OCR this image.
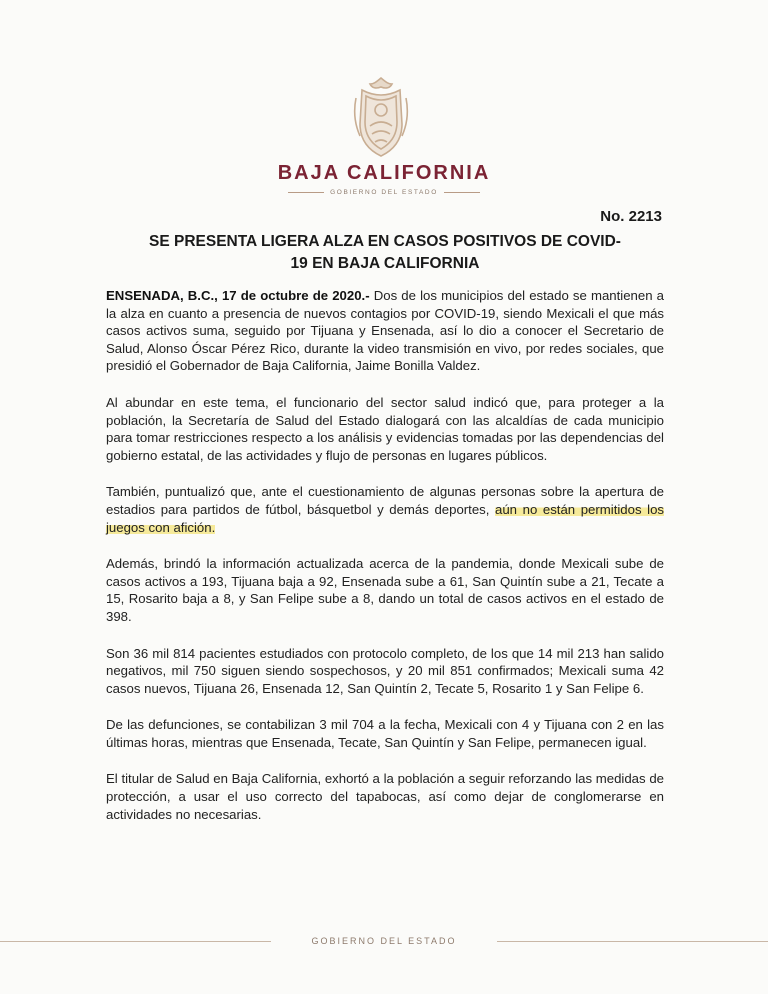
BAJA CALIFORNIA
GOBIERNO DEL ESTADO
No. 2213
SE PRESENTA LIGERA ALZA EN CASOS POSITIVOS DE COVID-
19 EN BAJA CALIFORNIA

ENSENADA, B.C., 17 de octubre de 2020.- Dos de los municipios del estado se mantienen a la alza en cuanto a presencia de nuevos contagios por COVID-19, siendo Mexicali el que más casos activos suma, seguido por Tijuana y Ensenada, así lo dio a conocer el Secretario de Salud, Alonso Óscar Pérez Rico, durante la video transmisión en vivo, por redes sociales, que presidió el Gobernador de Baja California, Jaime Bonilla Valdez.

Al abundar en este tema, el funcionario del sector salud indicó que, para proteger a la población, la Secretaría de Salud del Estado dialogará con las alcaldías de cada municipio para tomar restricciones respecto a los análisis y evidencias tomadas por las dependencias del gobierno estatal, de las actividades y flujo de personas en lugares públicos.

También, puntualizó que, ante el cuestionamiento de algunas personas sobre la apertura de estadios para partidos de fútbol, básquetbol y demás deportes, aún no están permitidos los juegos con afición.

Además, brindó la información actualizada acerca de la pandemia, donde Mexicali sube de casos activos a 193, Tijuana baja a 92, Ensenada sube a 61, San Quintín sube a 21, Tecate a 15, Rosarito baja a 8, y San Felipe sube a 8, dando un total de casos activos en el estado de 398.

Son 36 mil 814 pacientes estudiados con protocolo completo, de los que 14 mil 213 han salido negativos, mil 750 siguen siendo sospechosos, y 20 mil 851 confirmados; Mexicali suma 42 casos nuevos, Tijuana 26, Ensenada 12, San Quintín 2, Tecate 5, Rosarito 1 y San Felipe 6.

De las defunciones, se contabilizan 3 mil 704 a la fecha, Mexicali con 4 y Tijuana con 2 en las últimas horas, mientras que Ensenada, Tecate, San Quintín y San Felipe, permanecen igual.

El titular de Salud en Baja California, exhortó a la población a seguir reforzando las medidas de protección, a usar el uso correcto del tapabocas, así como dejar de conglomerarse en actividades no necesarias.

GOBIERNO DEL ESTADO
